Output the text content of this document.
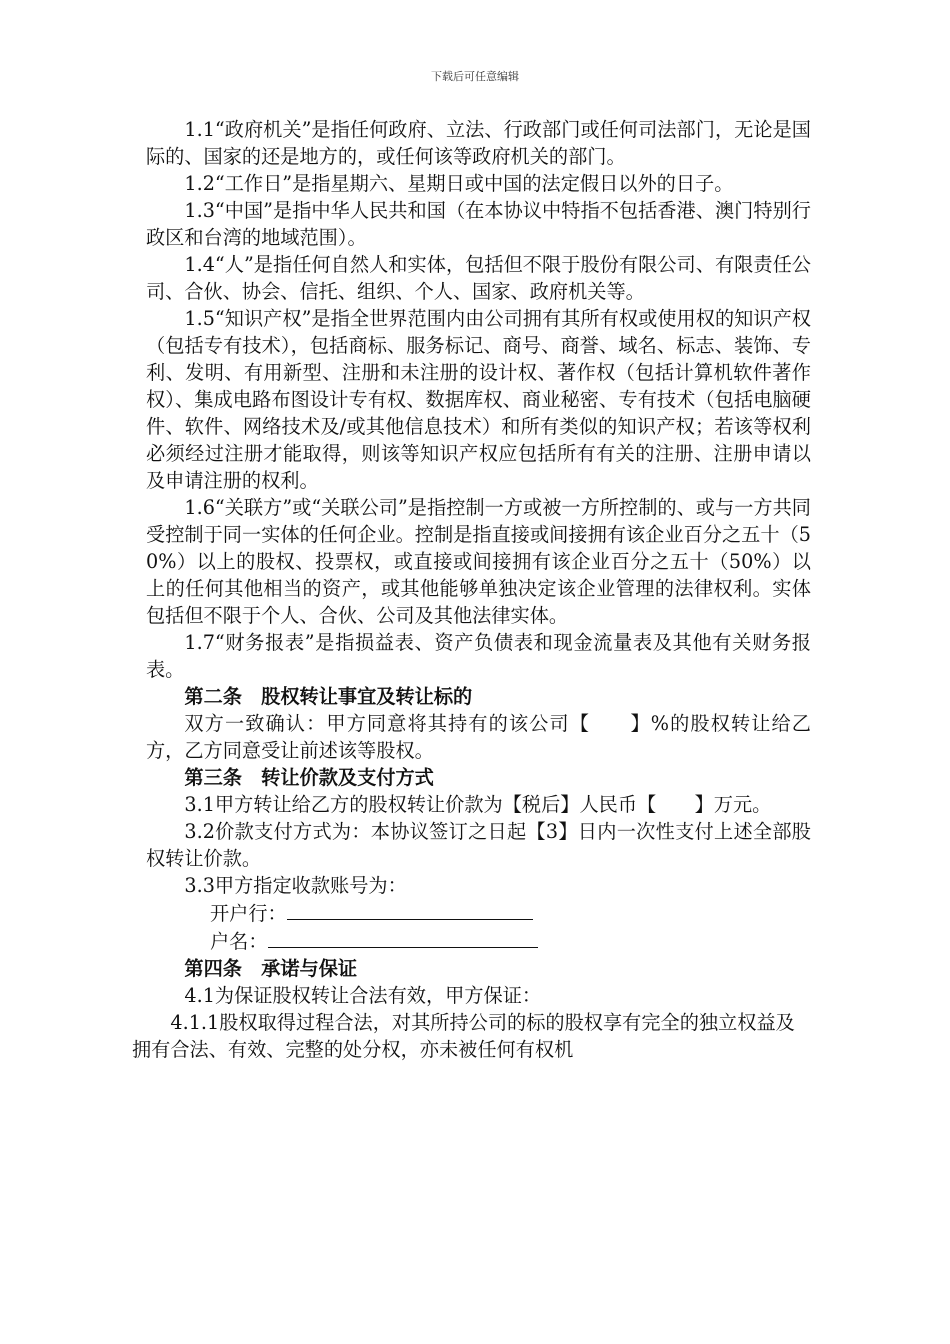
下载后可任意编辑

1.1“政府机关”是指任何政府、立法、行政部门或任何司法部门，无论是国际的、国家的还是地方的，或任何该等政府机关的部门。

1.2“工作日”是指星期六、星期日或中国的法定假日以外的日子。

1.3“中国”是指中华人民共和国（在本协议中特指不包括香港、澳门特别行政区和台湾的地域范围）。

1.4“人”是指任何自然人和实体，包括但不限于股份有限公司、有限责任公司、合伙、协会、信托、组织、个人、国家、政府机关等。

1.5“知识产权”是指全世界范围内由公司拥有其所有权或使用权的知识产权（包括专有技术），包括商标、服务标记、商号、商誉、域名、标志、装饰、专利、发明、有用新型、注册和未注册的设计权、著作权（包括计算机软件著作权）、集成电路布图设计专有权、数据库权、商业秘密、专有技术（包括电脑硬件、软件、网络技术及/或其他信息技术）和所有类似的知识产权；若该等权利必须经过注册才能取得，则该等知识产权应包括所有有关的注册、注册申请以及申请注册的权利。

1.6“关联方”或“关联公司”是指控制一方或被一方所控制的、或与一方共同受控制于同一实体的任何企业。控制是指直接或间接拥有该企业百分之五十（50%）以上的股权、投票权，或直接或间接拥有该企业百分之五十（50%）以上的任何其他相当的资产，或其他能够单独决定该企业管理的法律权利。实体包括但不限于个人、合伙、公司及其他法律实体。

1.7“财务报表”是指损益表、资产负债表和现金流量表及其他有关财务报表。

第二条　股权转让事宜及转让标的

双方一致确认：甲方同意将其持有的该公司【　　】%的股权转让给乙方，乙方同意受让前述该等股权。

第三条　转让价款及支付方式

3.1甲方转让给乙方的股权转让价款为【税后】人民币【　　】万元。

3.2价款支付方式为：本协议签订之日起【3】日内一次性支付上述全部股权转让价款。

3.3甲方指定收款账号为：

开户行：

户名：

第四条　承诺与保证

4.1为保证股权转让合法有效，甲方保证：

4.1.1股权取得过程合法，对其所持公司的标的股权享有完全的独立权益及拥有合法、有效、完整的处分权，亦未被任何有权机
